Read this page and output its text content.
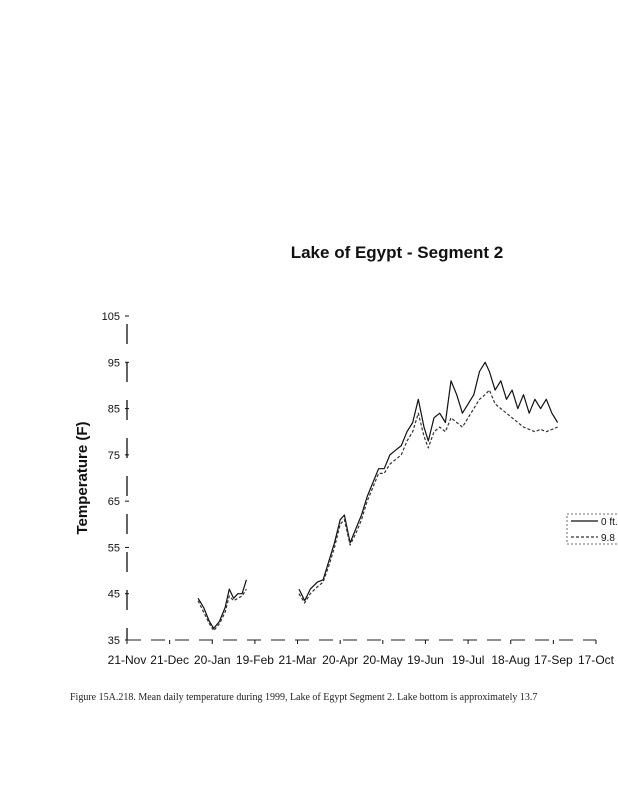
Lake of Egypt - Segment 2
Temperature (F)
35
45
55
65
75
85
95
105
21-Nov 21-Dec 20-Jan 19-Feb 21-Mar 20-Apr 20-May 19-Jun 19-Jul 18-Aug 17-Sep 17-Oct
0 ft.
9.8
Figure 15A.218. Mean daily temperature during 1999, Lake of Egypt Segment 2. Lake bottom is approximately 13.7
